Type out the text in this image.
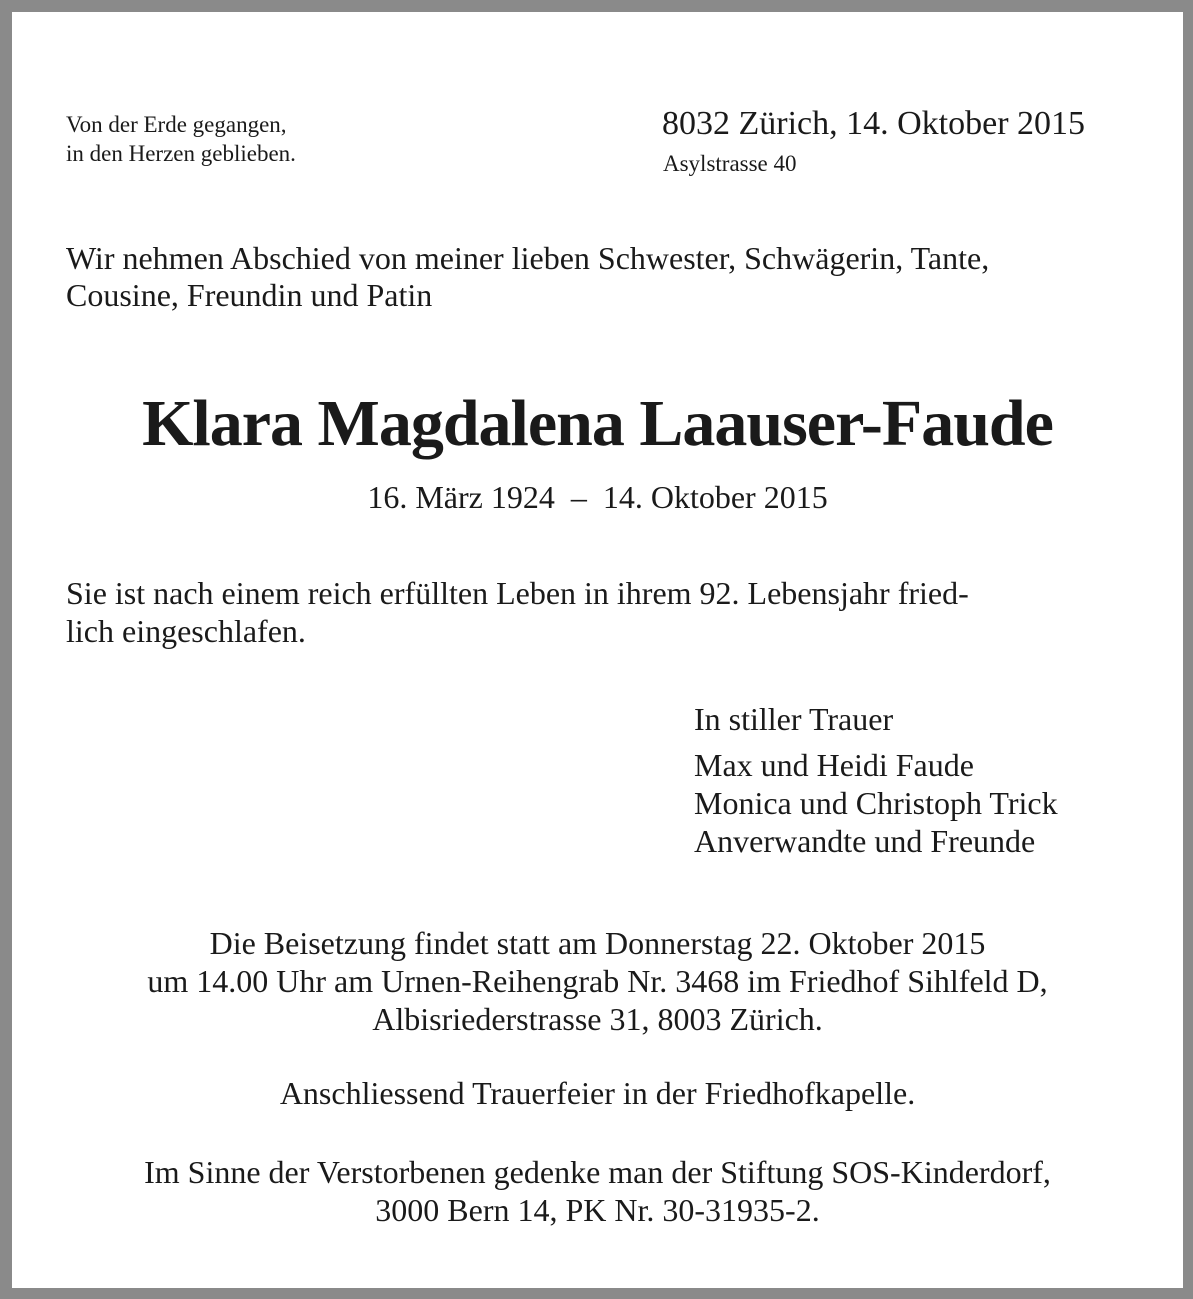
Von der Erde gegangen,
in den Herzen geblieben.

8032 Zürich, 14. Oktober 2015

Asylstrasse 40

Wir nehmen Abschied von meiner lieben Schwester, Schwägerin, Tante,
Cousine, Freundin und Patin

Klara Magdalena Laauser-Faude

16. März 1924  –  14. Oktober 2015

Sie ist nach einem reich erfüllten Leben in ihrem 92. Lebensjahr fried-
lich eingeschlafen.

In stiller Trauer

Max und Heidi Faude
Monica und Christoph Trick
Anverwandte und Freunde

Die Beisetzung findet statt am Donnerstag 22. Oktober 2015
um 14.00 Uhr am Urnen-Reihengrab Nr. 3468 im Friedhof Sihlfeld D,
Albisriederstrasse 31, 8003 Zürich.

Anschliessend Trauerfeier in der Friedhofkapelle.

Im Sinne der Verstorbenen gedenke man der Stiftung SOS-Kinderdorf,
3000 Bern 14, PK Nr. 30-31935-2.
